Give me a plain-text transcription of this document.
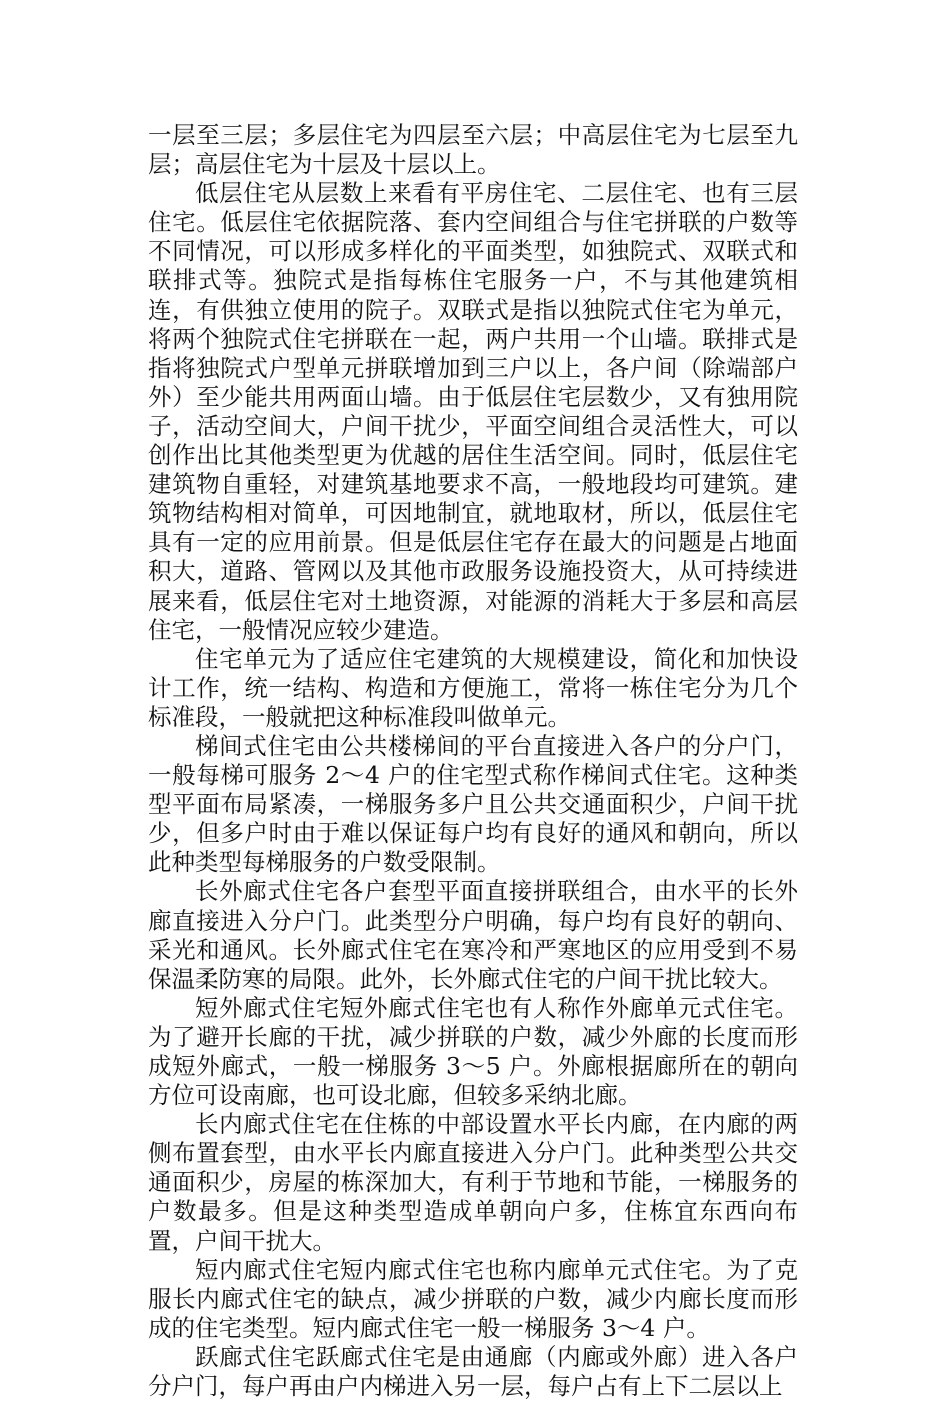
一层至三层；多层住宅为四层至六层；中高层住宅为七层至九层；高层住宅为十层及十层以上。

低层住宅从层数上来看有平房住宅、二层住宅、也有三层住宅。低层住宅依据院落、套内空间组合与住宅拼联的户数等不同情况，可以形成多样化的平面类型，如独院式、双联式和联排式等。独院式是指每栋住宅服务一户，不与其他建筑相连，有供独立使用的院子。双联式是指以独院式住宅为单元，将两个独院式住宅拼联在一起，两户共用一个山墙。联排式是指将独院式户型单元拼联增加到三户以上，各户间（除端部户外）至少能共用两面山墙。由于低层住宅层数少，又有独用院子，活动空间大，户间干扰少，平面空间组合灵活性大，可以创作出比其他类型更为优越的居住生活空间。同时，低层住宅建筑物自重轻，对建筑基地要求不高，一般地段均可建筑。建筑物结构相对简单，可因地制宜，就地取材，所以，低层住宅具有一定的应用前景。但是低层住宅存在最大的问题是占地面积大，道路、管网以及其他市政服务设施投资大，从可持续进展来看，低层住宅对土地资源，对能源的消耗大于多层和高层住宅，一般情况应较少建造。

住宅单元为了适应住宅建筑的大规模建设，简化和加快设计工作，统一结构、构造和方便施工，常将一栋住宅分为几个标准段，一般就把这种标准段叫做单元。

梯间式住宅由公共楼梯间的平台直接进入各户的分户门，一般每梯可服务 2～4 户的住宅型式称作梯间式住宅。这种类型平面布局紧凑，一梯服务多户且公共交通面积少，户间干扰少，但多户时由于难以保证每户均有良好的通风和朝向，所以此种类型每梯服务的户数受限制。

长外廊式住宅各户套型平面直接拼联组合，由水平的长外廊直接进入分户门。此类型分户明确，每户均有良好的朝向、采光和通风。长外廊式住宅在寒冷和严寒地区的应用受到不易保温柔防寒的局限。此外，长外廊式住宅的户间干扰比较大。

短外廊式住宅短外廊式住宅也有人称作外廊单元式住宅。为了避开长廊的干扰，减少拼联的户数，减少外廊的长度而形成短外廊式，一般一梯服务 3～5 户。外廊根据廊所在的朝向方位可设南廊，也可设北廊，但较多采纳北廊。

长内廊式住宅在住栋的中部设置水平长内廊，在内廊的两侧布置套型，由水平长内廊直接进入分户门。此种类型公共交通面积少，房屋的栋深加大，有利于节地和节能，一梯服务的户数最多。但是这种类型造成单朝向户多，住栋宜东西向布置，户间干扰大。

短内廊式住宅短内廊式住宅也称内廊单元式住宅。为了克服长内廊式住宅的缺点，减少拼联的户数，减少内廊长度而形成的住宅类型。短内廊式住宅一般一梯服务 3～4 户。

跃廊式住宅跃廊式住宅是由通廊（内廊或外廊）进入各户分户门，每户再由户内梯进入另一层，每户占有上下二层以上
